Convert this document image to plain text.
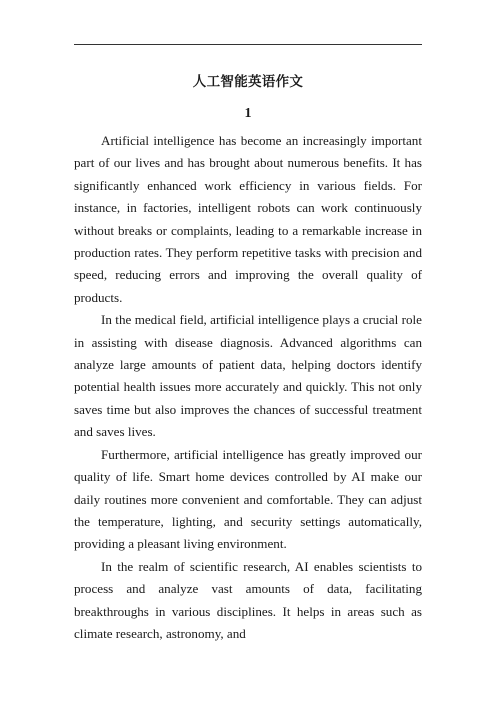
人工智能英语作文
1

Artificial intelligence has become an increasingly important part of our lives and has brought about numerous benefits. It has significantly enhanced work efficiency in various fields. For instance, in factories, intelligent robots can work continuously without breaks or complaints, leading to a remarkable increase in production rates. They perform repetitive tasks with precision and speed, reducing errors and improving the overall quality of products.

In the medical field, artificial intelligence plays a crucial role in assisting with disease diagnosis. Advanced algorithms can analyze large amounts of patient data, helping doctors identify potential health issues more accurately and quickly. This not only saves time but also improves the chances of successful treatment and saves lives.

Furthermore, artificial intelligence has greatly improved our quality of life. Smart home devices controlled by AI make our daily routines more convenient and comfortable. They can adjust the temperature, lighting, and security settings automatically, providing a pleasant living environment.

In the realm of scientific research, AI enables scientists to process and analyze vast amounts of data, facilitating breakthroughs in various disciplines. It helps in areas such as climate research, astronomy, and
